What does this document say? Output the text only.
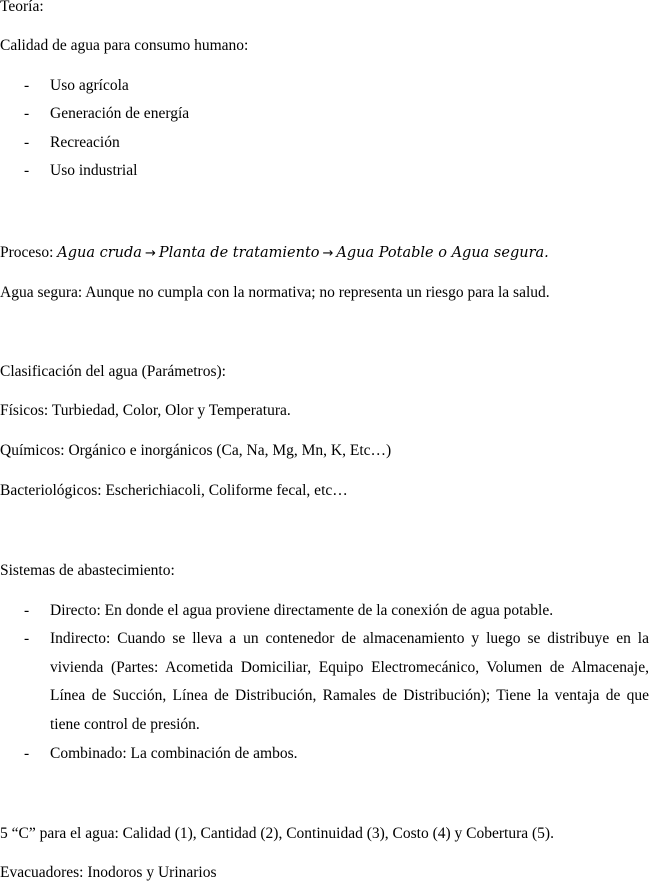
Teoría:
Calidad de agua para consumo humano:
- Uso agrícola
- Generación de energía
- Recreación
- Uso industrial
Proceso: Agua cruda → Planta de tratamiento → Agua Potable o Agua segura.
Agua segura: Aunque no cumpla con la normativa; no representa un riesgo para la salud.
Clasificación del agua (Parámetros):
Físicos: Turbiedad, Color, Olor y Temperatura.
Químicos: Orgánico e inorgánicos (Ca, Na, Mg, Mn, K, Etc…)
Bacteriológicos: Escherichiacoli, Coliforme fecal, etc…
Sistemas de abastecimiento:
- Directo: En donde el agua proviene directamente de la conexión de agua potable.
- Indirecto: Cuando se lleva a un contenedor de almacenamiento y luego se distribuye en la vivienda (Partes: Acometida Domiciliar, Equipo Electromecánico, Volumen de Almacenaje, Línea de Succión, Línea de Distribución, Ramales de Distribución); Tiene la ventaja de que tiene control de presión.
- Combinado: La combinación de ambos.
5 “C” para el agua: Calidad (1), Cantidad (2), Continuidad (3), Costo (4) y Cobertura (5).
Evacuadores: Inodoros y Urinarios
